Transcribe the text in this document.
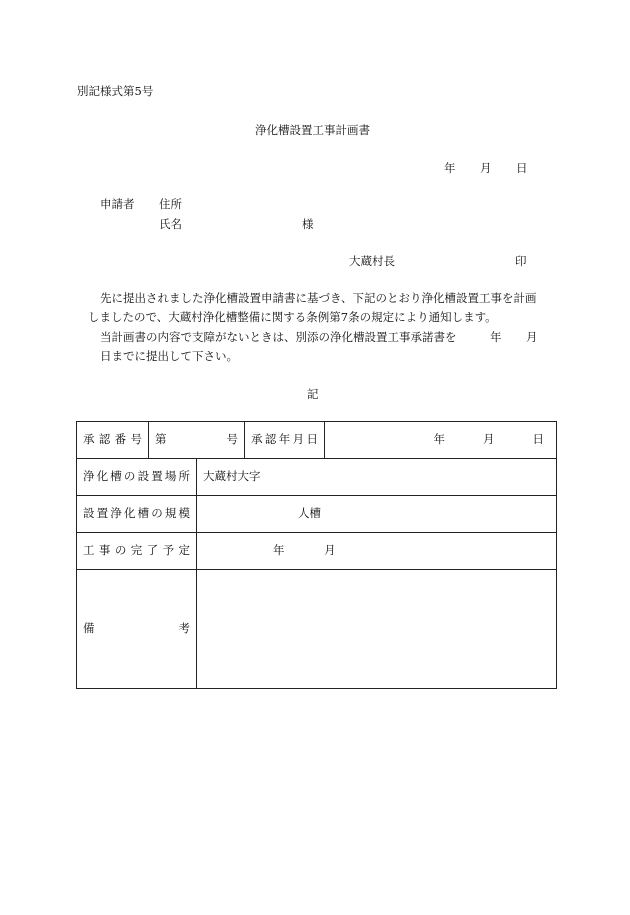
別記様式第5号
浄化槽設置工事計画書
年 月 日
申請者 住所
氏名	様
大蔵村長	印
先に提出されました浄化槽設置申請書に基づき、下記のとおり浄化槽設置工事を計画
しましたので、大蔵村浄化槽整備に関する条例第7条の規定により通知します。
当計画書の内容で支障がないときは、別添の浄化槽設置工事承諾書を	年 月
日までに提出して下さい。
記
承認番号	第 号		承認年月日	年 月 日

浄化槽の設置場所		大蔵村大字		

設置浄化槽の規模		人槽		

工事の完了予定		年 月		

備 考				
